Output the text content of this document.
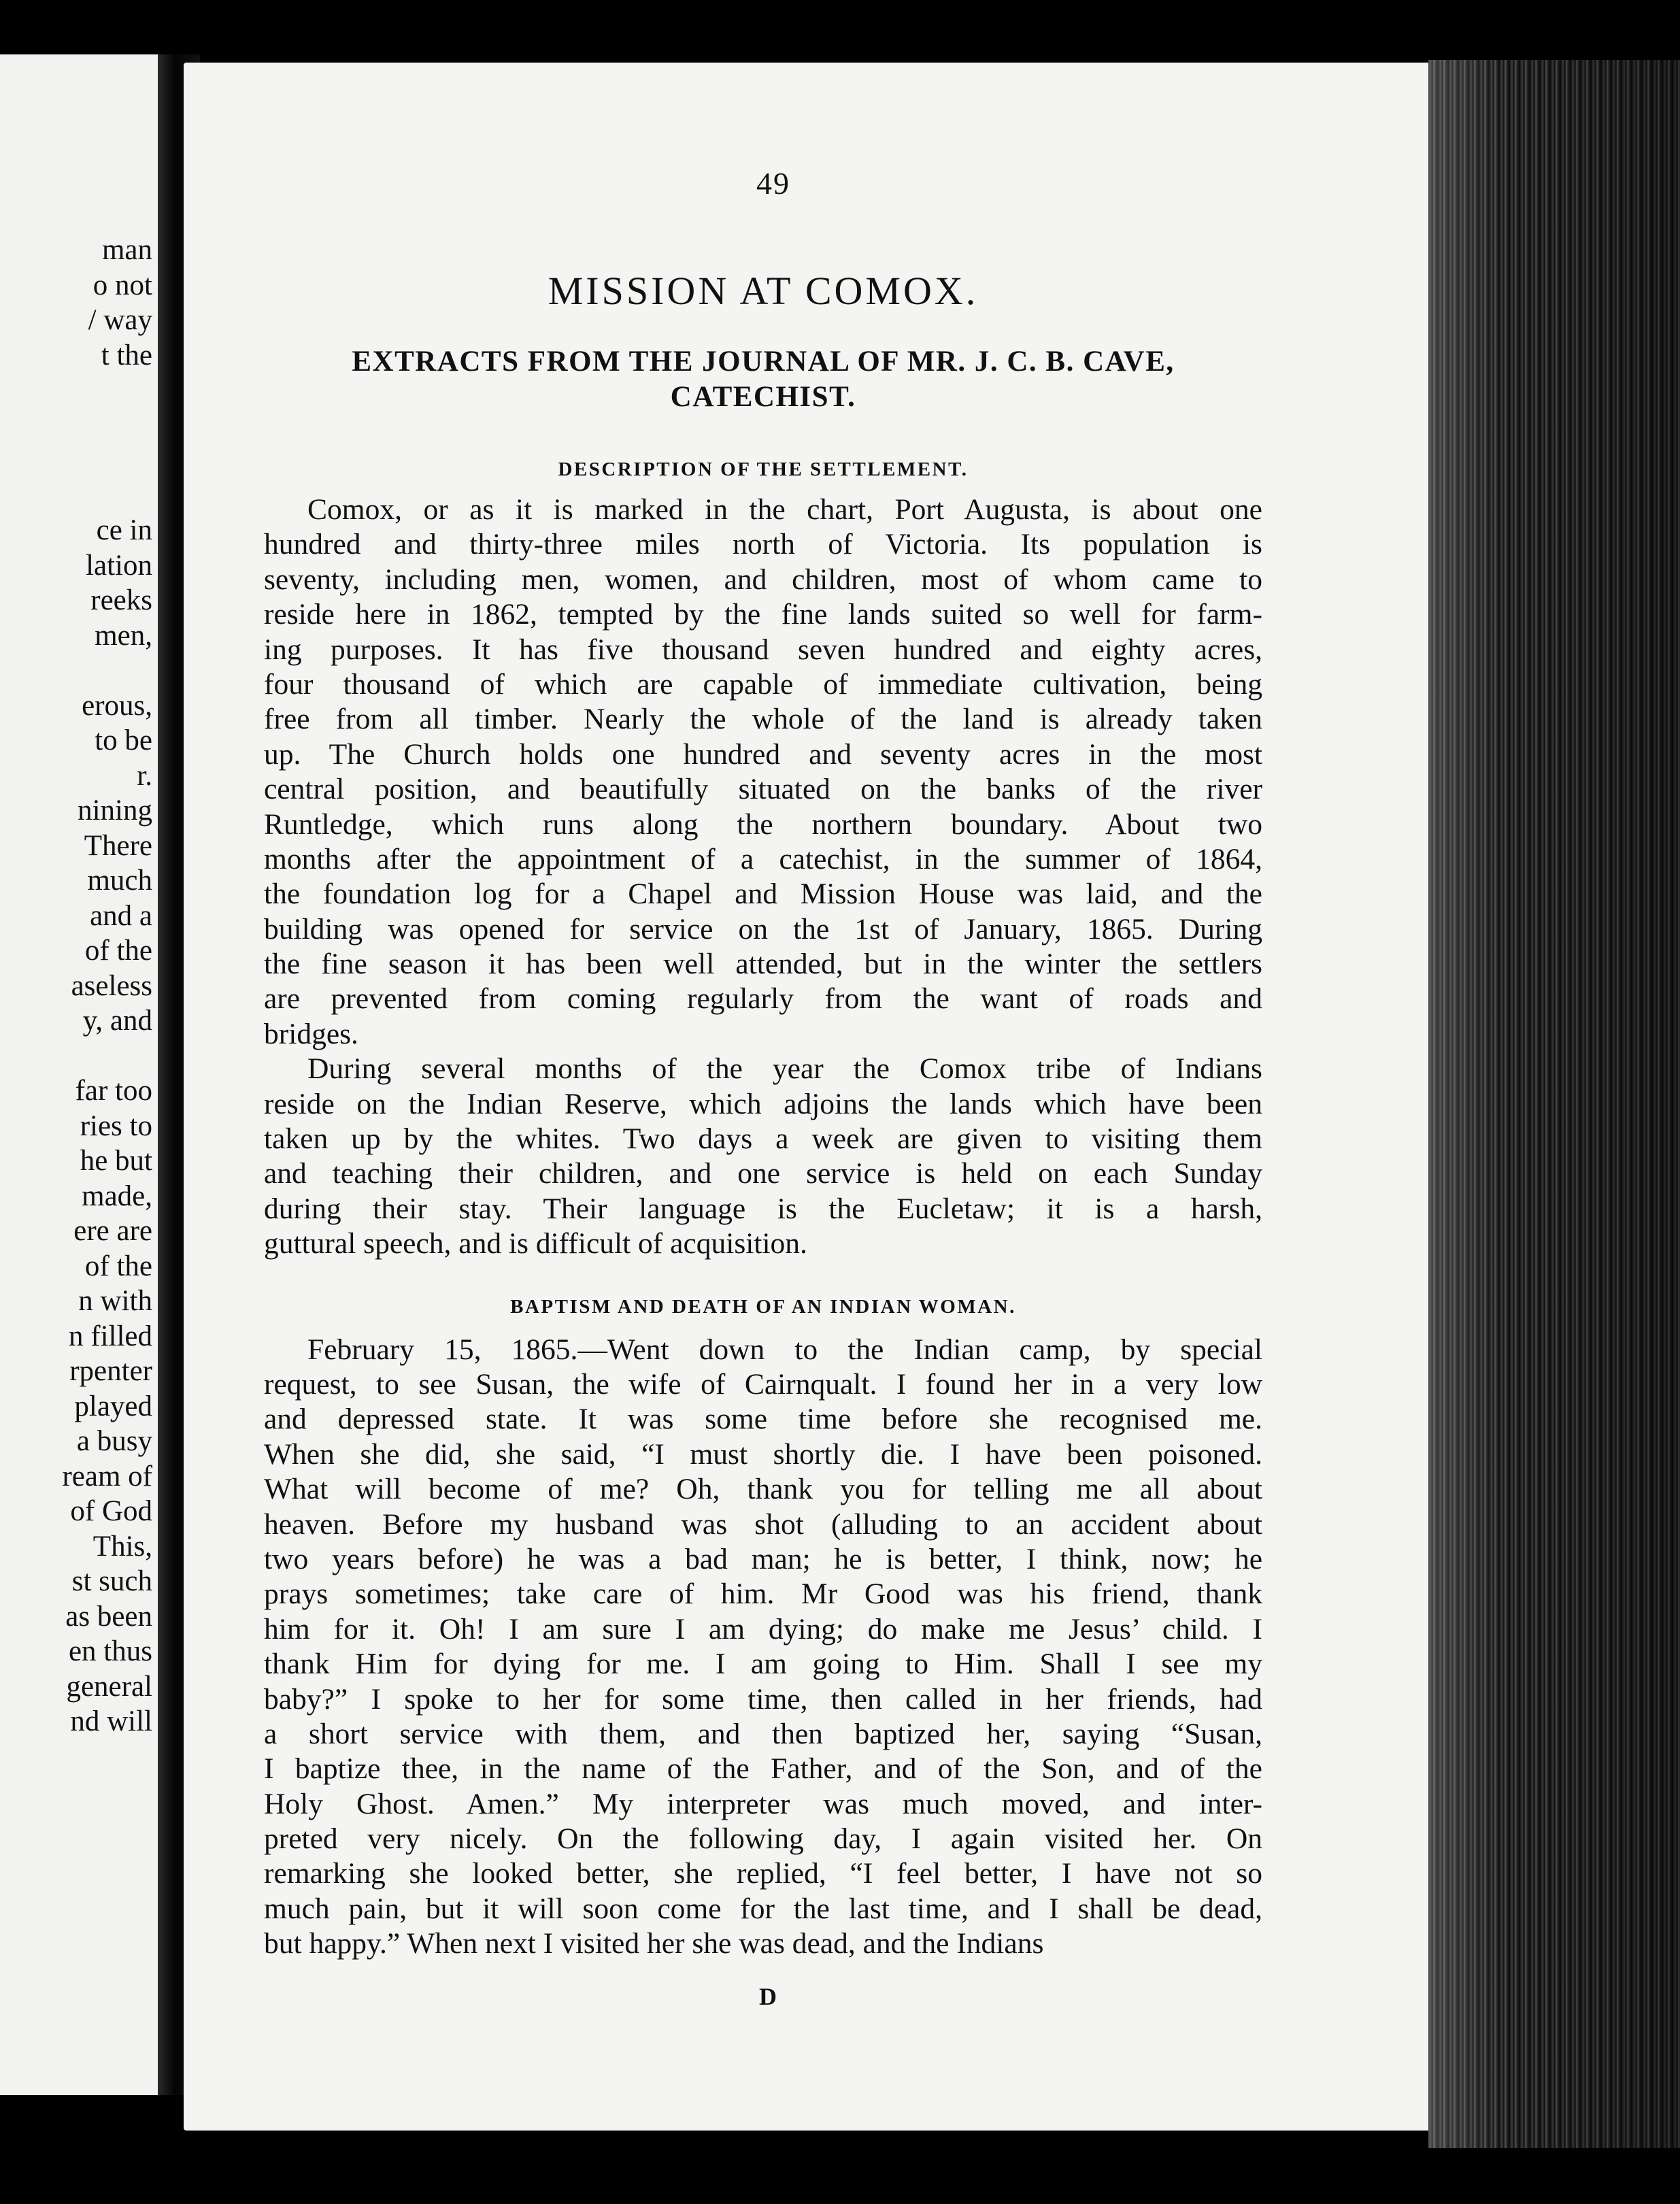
man
o not
/ way
t the
ce in
lation
reeks
men,
erous,
to be
r.
nining
There
much
and a
of the
aseless
y, and
far too
ries to
he but
made,
ere are
of the
n with
n filled
rpenter
played
a busy
ream of
of God
This,
st such
as been
en thus
general
nd will
49
MISSION AT COMOX.
EXTRACTS FROM THE JOURNAL OF MR. J. C. B. CAVE,
CATECHIST.
DESCRIPTION OF THE SETTLEMENT.
Comox, or as it is marked in the chart, Port Augusta, is about one
hundred and thirty-three miles north of Victoria. Its population is
seventy, including men, women, and children, most of whom came to
reside here in 1862, tempted by the fine lands suited so well for farm-
ing purposes. It has five thousand seven hundred and eighty acres,
four thousand of which are capable of immediate cultivation, being
free from all timber. Nearly the whole of the land is already taken
up. The Church holds one hundred and seventy acres in the most
central position, and beautifully situated on the banks of the river
Runtledge, which runs along the northern boundary. About two
months after the appointment of a catechist, in the summer of 1864,
the foundation log for a Chapel and Mission House was laid, and the
building was opened for service on the 1st of January, 1865. During
the fine season it has been well attended, but in the winter the settlers
are prevented from coming regularly from the want of roads and
bridges.
During several months of the year the Comox tribe of Indians
reside on the Indian Reserve, which adjoins the lands which have been
taken up by the whites. Two days a week are given to visiting them
and teaching their children, and one service is held on each Sunday
during their stay. Their language is the Eucletaw; it is a harsh,
guttural speech, and is difficult of acquisition.
BAPTISM AND DEATH OF AN INDIAN WOMAN.
February 15, 1865.—Went down to the Indian camp, by special
request, to see Susan, the wife of Cairnqualt. I found her in a very low
and depressed state. It was some time before she recognised me.
When she did, she said, “I must shortly die. I have been poisoned.
What will become of me? Oh, thank you for telling me all about
heaven. Before my husband was shot (alluding to an accident about
two years before) he was a bad man; he is better, I think, now; he
prays sometimes; take care of him. Mr Good was his friend, thank
him for it. Oh! I am sure I am dying; do make me Jesus’ child. I
thank Him for dying for me. I am going to Him. Shall I see my
baby?” I spoke to her for some time, then called in her friends, had
a short service with them, and then baptized her, saying “Susan,
I baptize thee, in the name of the Father, and of the Son, and of the
Holy Ghost. Amen.” My interpreter was much moved, and inter-
preted very nicely. On the following day, I again visited her. On
remarking she looked better, she replied, “I feel better, I have not so
much pain, but it will soon come for the last time, and I shall be dead,
but happy.” When next I visited her she was dead, and the Indians
D
